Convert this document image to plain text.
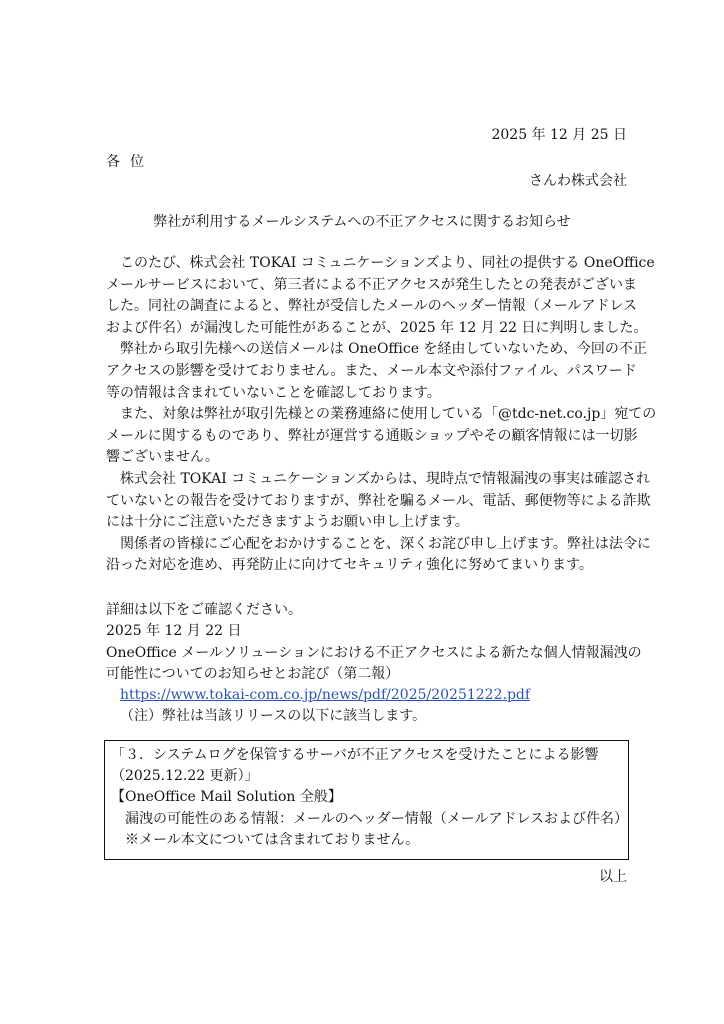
2025 年 12 月 25 日
各位
さんわ株式会社
弊社が利用するメールシステムへの不正アクセスに関するお知らせ

このたび、株式会社 TOKAI コミュニケーションズより、同社の提供する OneOffice

メールサービスにおいて、第三者による不正アクセスが発生したとの発表がございま

した。同社の調査によると、弊社が受信したメールのヘッダー情報（メールアドレス

および件名）が漏洩した可能性があることが、2025 年 12 月 22 日に判明しました。

弊社から取引先様への送信メールは OneOffice を経由していないため、今回の不正

アクセスの影響を受けておりません。また、メール本文や添付ファイル、パスワード

等の情報は含まれていないことを確認しております。

また、対象は弊社が取引先様との業務連絡に使用している「@tdc-net.co.jp」宛ての

メールに関するものであり、弊社が運営する通販ショップやその顧客情報には一切影

響ございません。

株式会社 TOKAI コミュニケーションズからは、現時点で情報漏洩の事実は確認され

ていないとの報告を受けておりますが、弊社を騙るメール、電話、郵便物等による詐欺

には十分にご注意いただきますようお願い申し上げます。

関係者の皆様にご心配をおかけすることを、深くお詫び申し上げます。弊社は法令に

沿った対応を進め、再発防止に向けてセキュリティ強化に努めてまいります。

詳細は以下をご確認ください。
2025 年 12 月 22 日
OneOffice メールソリューションにおける不正アクセスによる新たな個人情報漏洩の
可能性についてのお知らせとお詫び（第二報）
https://www.tokai-com.co.jp/news/pdf/2025/20251222.pdf
（注）弊社は当該リリースの以下に該当します。
「３．システムログを保管するサーバが不正アクセスを受けたことによる影響
（2025.12.22 更新）」
【OneOffice Mail Solution 全般】
漏洩の可能性のある情報：メールのヘッダー情報（メールアドレスおよび件名）
※メール本文については含まれておりません。
以上
